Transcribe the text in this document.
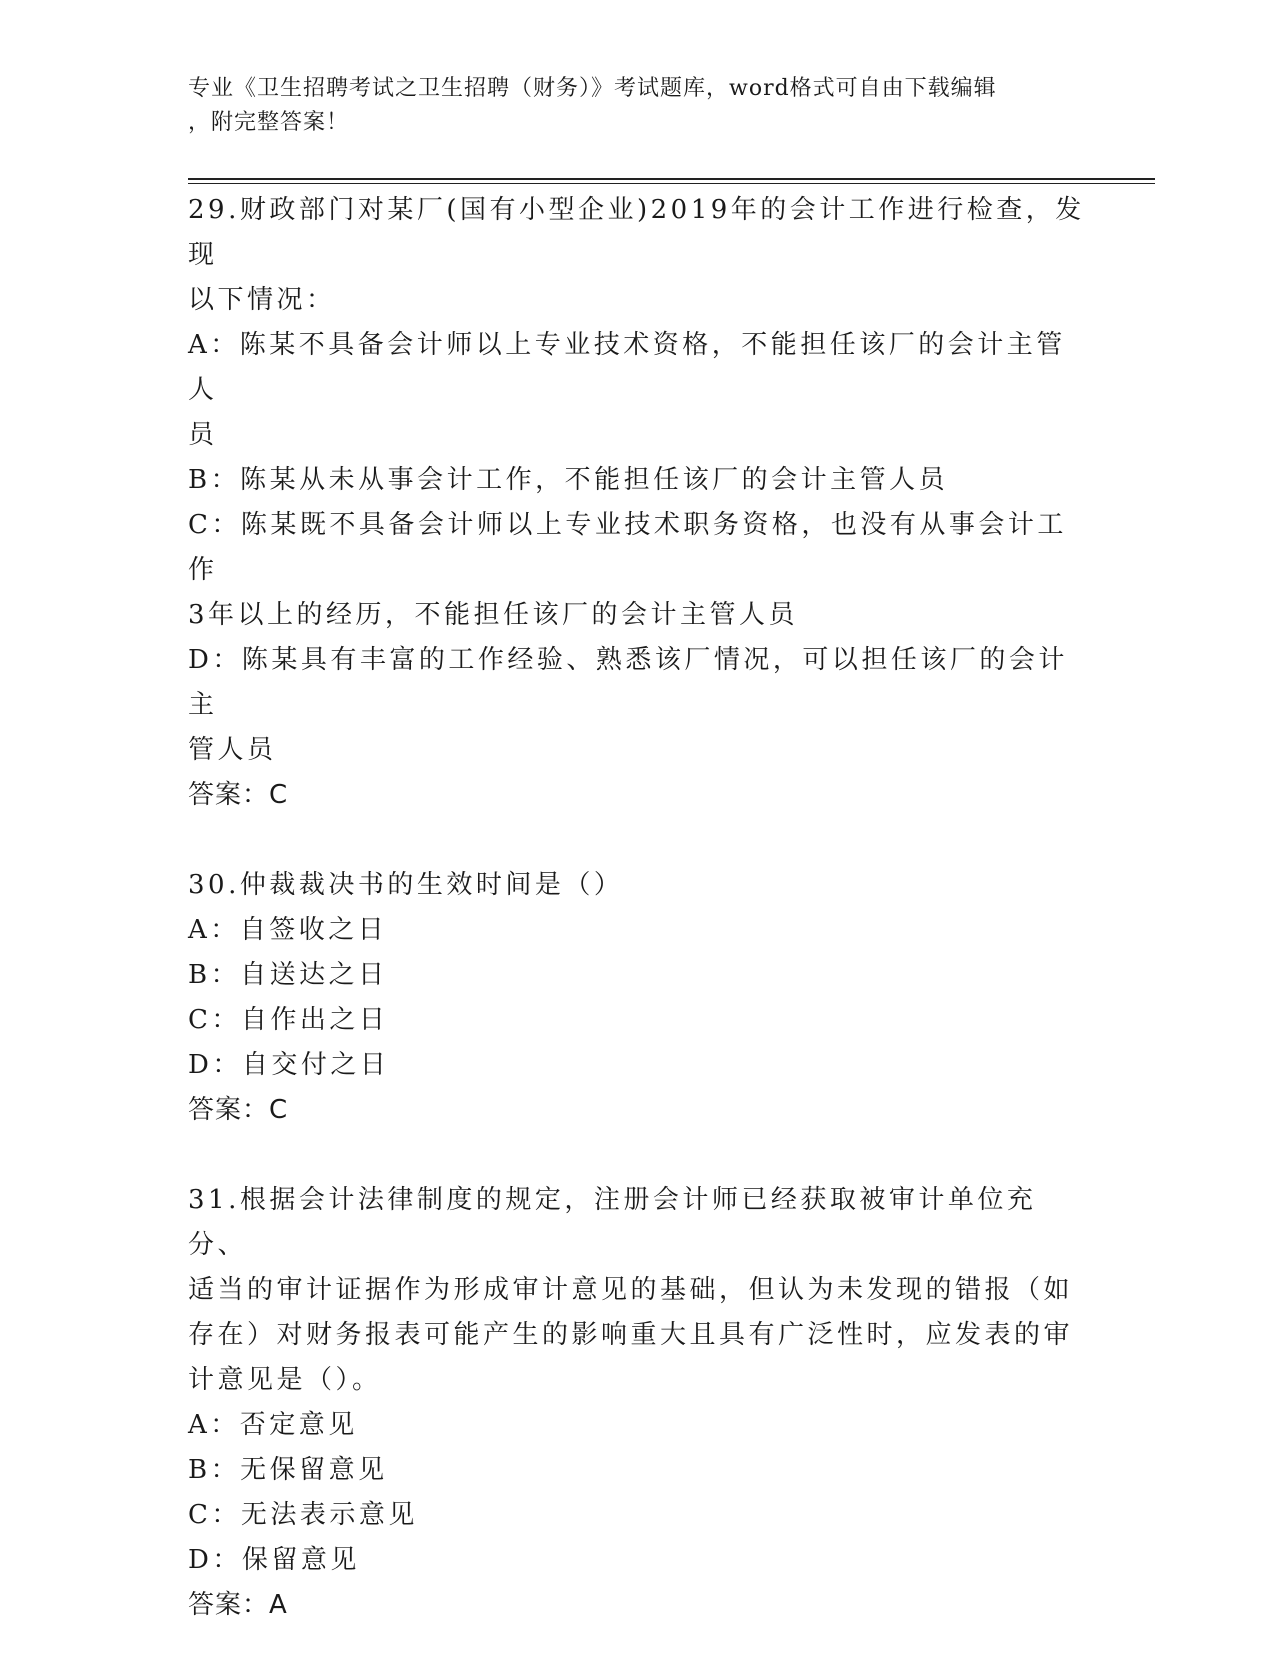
专业《卫生招聘考试之卫生招聘（财务）》考试题库，word格式可自由下载编辑
，附完整答案！
29.财政部门对某厂(国有小型企业)2019年的会计工作进行检查，发现
以下情况：
A：陈某不具备会计师以上专业技术资格，不能担任该厂的会计主管人
员
B：陈某从未从事会计工作，不能担任该厂的会计主管人员
C：陈某既不具备会计师以上专业技术职务资格，也没有从事会计工作
3年以上的经历，不能担任该厂的会计主管人员
D：陈某具有丰富的工作经验、熟悉该厂情况，可以担任该厂的会计主
管人员
答案：C
30.仲裁裁决书的生效时间是（）
A：自签收之日
B：自送达之日
C：自作出之日
D：自交付之日
答案：C
31.根据会计法律制度的规定，注册会计师已经获取被审计单位充分、
适当的审计证据作为形成审计意见的基础，但认为未发现的错报（如
存在）对财务报表可能产生的影响重大且具有广泛性时，应发表的审
计意见是（）。
A：否定意见
B：无保留意见
C：无法表示意见
D：保留意见
答案：A
